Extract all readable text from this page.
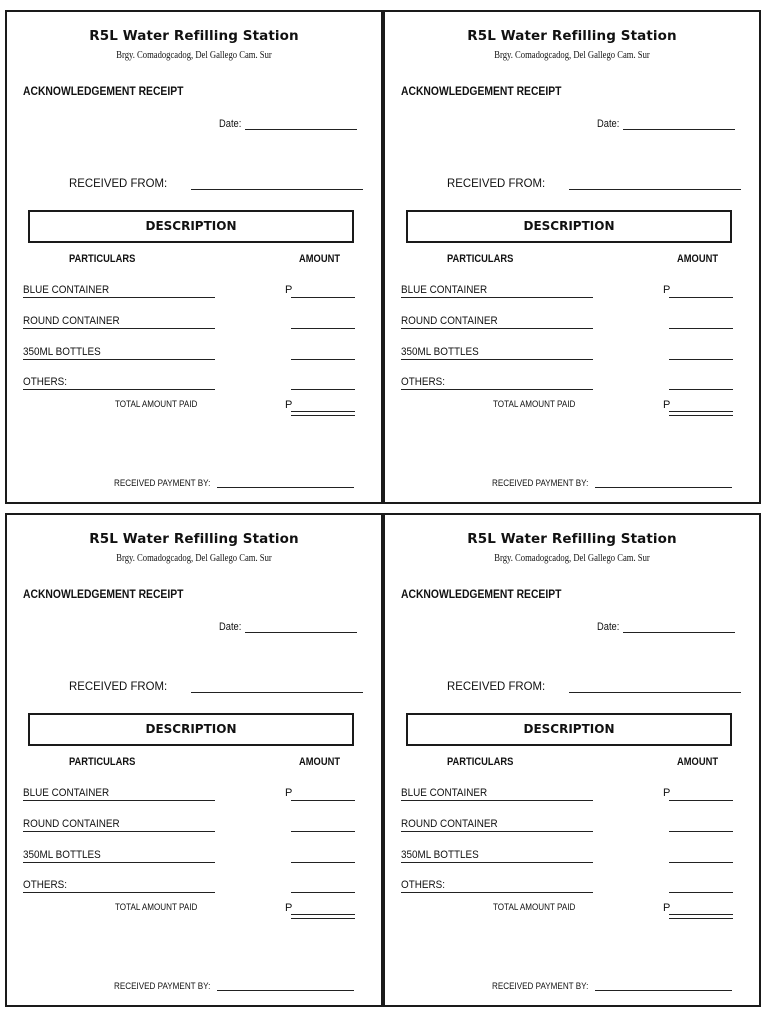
R5L Water Refilling Station
Brgy. Comadogcadog, Del Gallego Cam. Sur
ACKNOWLEDGEMENT RECEIPT
Date:
RECEIVED FROM:
DESCRIPTION
PARTICULARS	AMOUNT
BLUE CONTAINER	P
ROUND CONTAINER
350ML BOTTLES
OTHERS:
TOTAL AMOUNT PAID	P
RECEIVED PAYMENT BY:
R5L Water Refilling Station
Brgy. Comadogcadog, Del Gallego Cam. Sur
ACKNOWLEDGEMENT RECEIPT
Date:
RECEIVED FROM:
DESCRIPTION
PARTICULARS	AMOUNT
BLUE CONTAINER	P
ROUND CONTAINER
350ML BOTTLES
OTHERS:
TOTAL AMOUNT PAID	P
RECEIVED PAYMENT BY:
R5L Water Refilling Station
Brgy. Comadogcadog, Del Gallego Cam. Sur
ACKNOWLEDGEMENT RECEIPT
Date:
RECEIVED FROM:
DESCRIPTION
PARTICULARS	AMOUNT
BLUE CONTAINER	P
ROUND CONTAINER
350ML BOTTLES
OTHERS:
TOTAL AMOUNT PAID	P
RECEIVED PAYMENT BY:
R5L Water Refilling Station
Brgy. Comadogcadog, Del Gallego Cam. Sur
ACKNOWLEDGEMENT RECEIPT
Date:
RECEIVED FROM:
DESCRIPTION
PARTICULARS	AMOUNT
BLUE CONTAINER	P
ROUND CONTAINER
350ML BOTTLES
OTHERS:
TOTAL AMOUNT PAID	P
RECEIVED PAYMENT BY:
